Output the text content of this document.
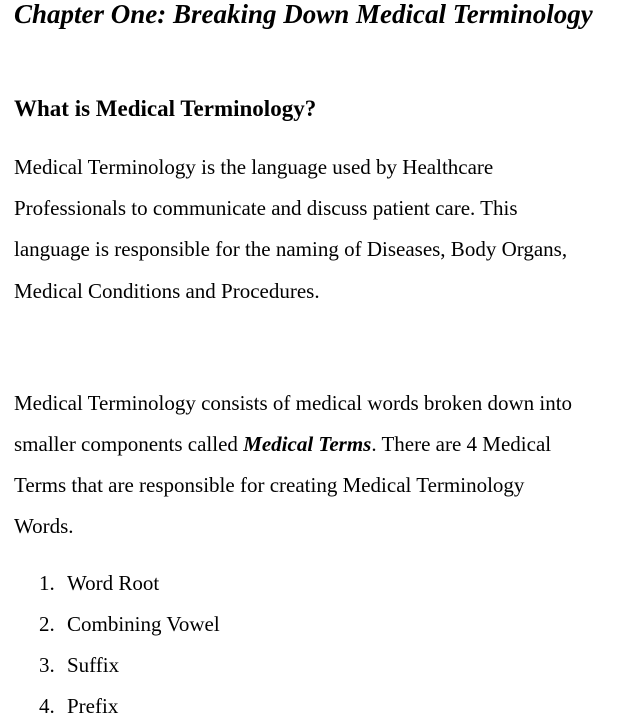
Chapter One: Breaking Down Medical Terminology
What is Medical Terminology?

Medical Terminology is the language used by Healthcare

Professionals to communicate and discuss patient care. This

language is responsible for the naming of Diseases, Body Organs,

Medical Conditions and Procedures.

Medical Terminology consists of medical words broken down into

smaller components called Medical Terms. There are 4 Medical

Terms that are responsible for creating Medical Terminology

Words.

1. Word Root
2. Combining Vowel
3. Suffix
4. Prefix
